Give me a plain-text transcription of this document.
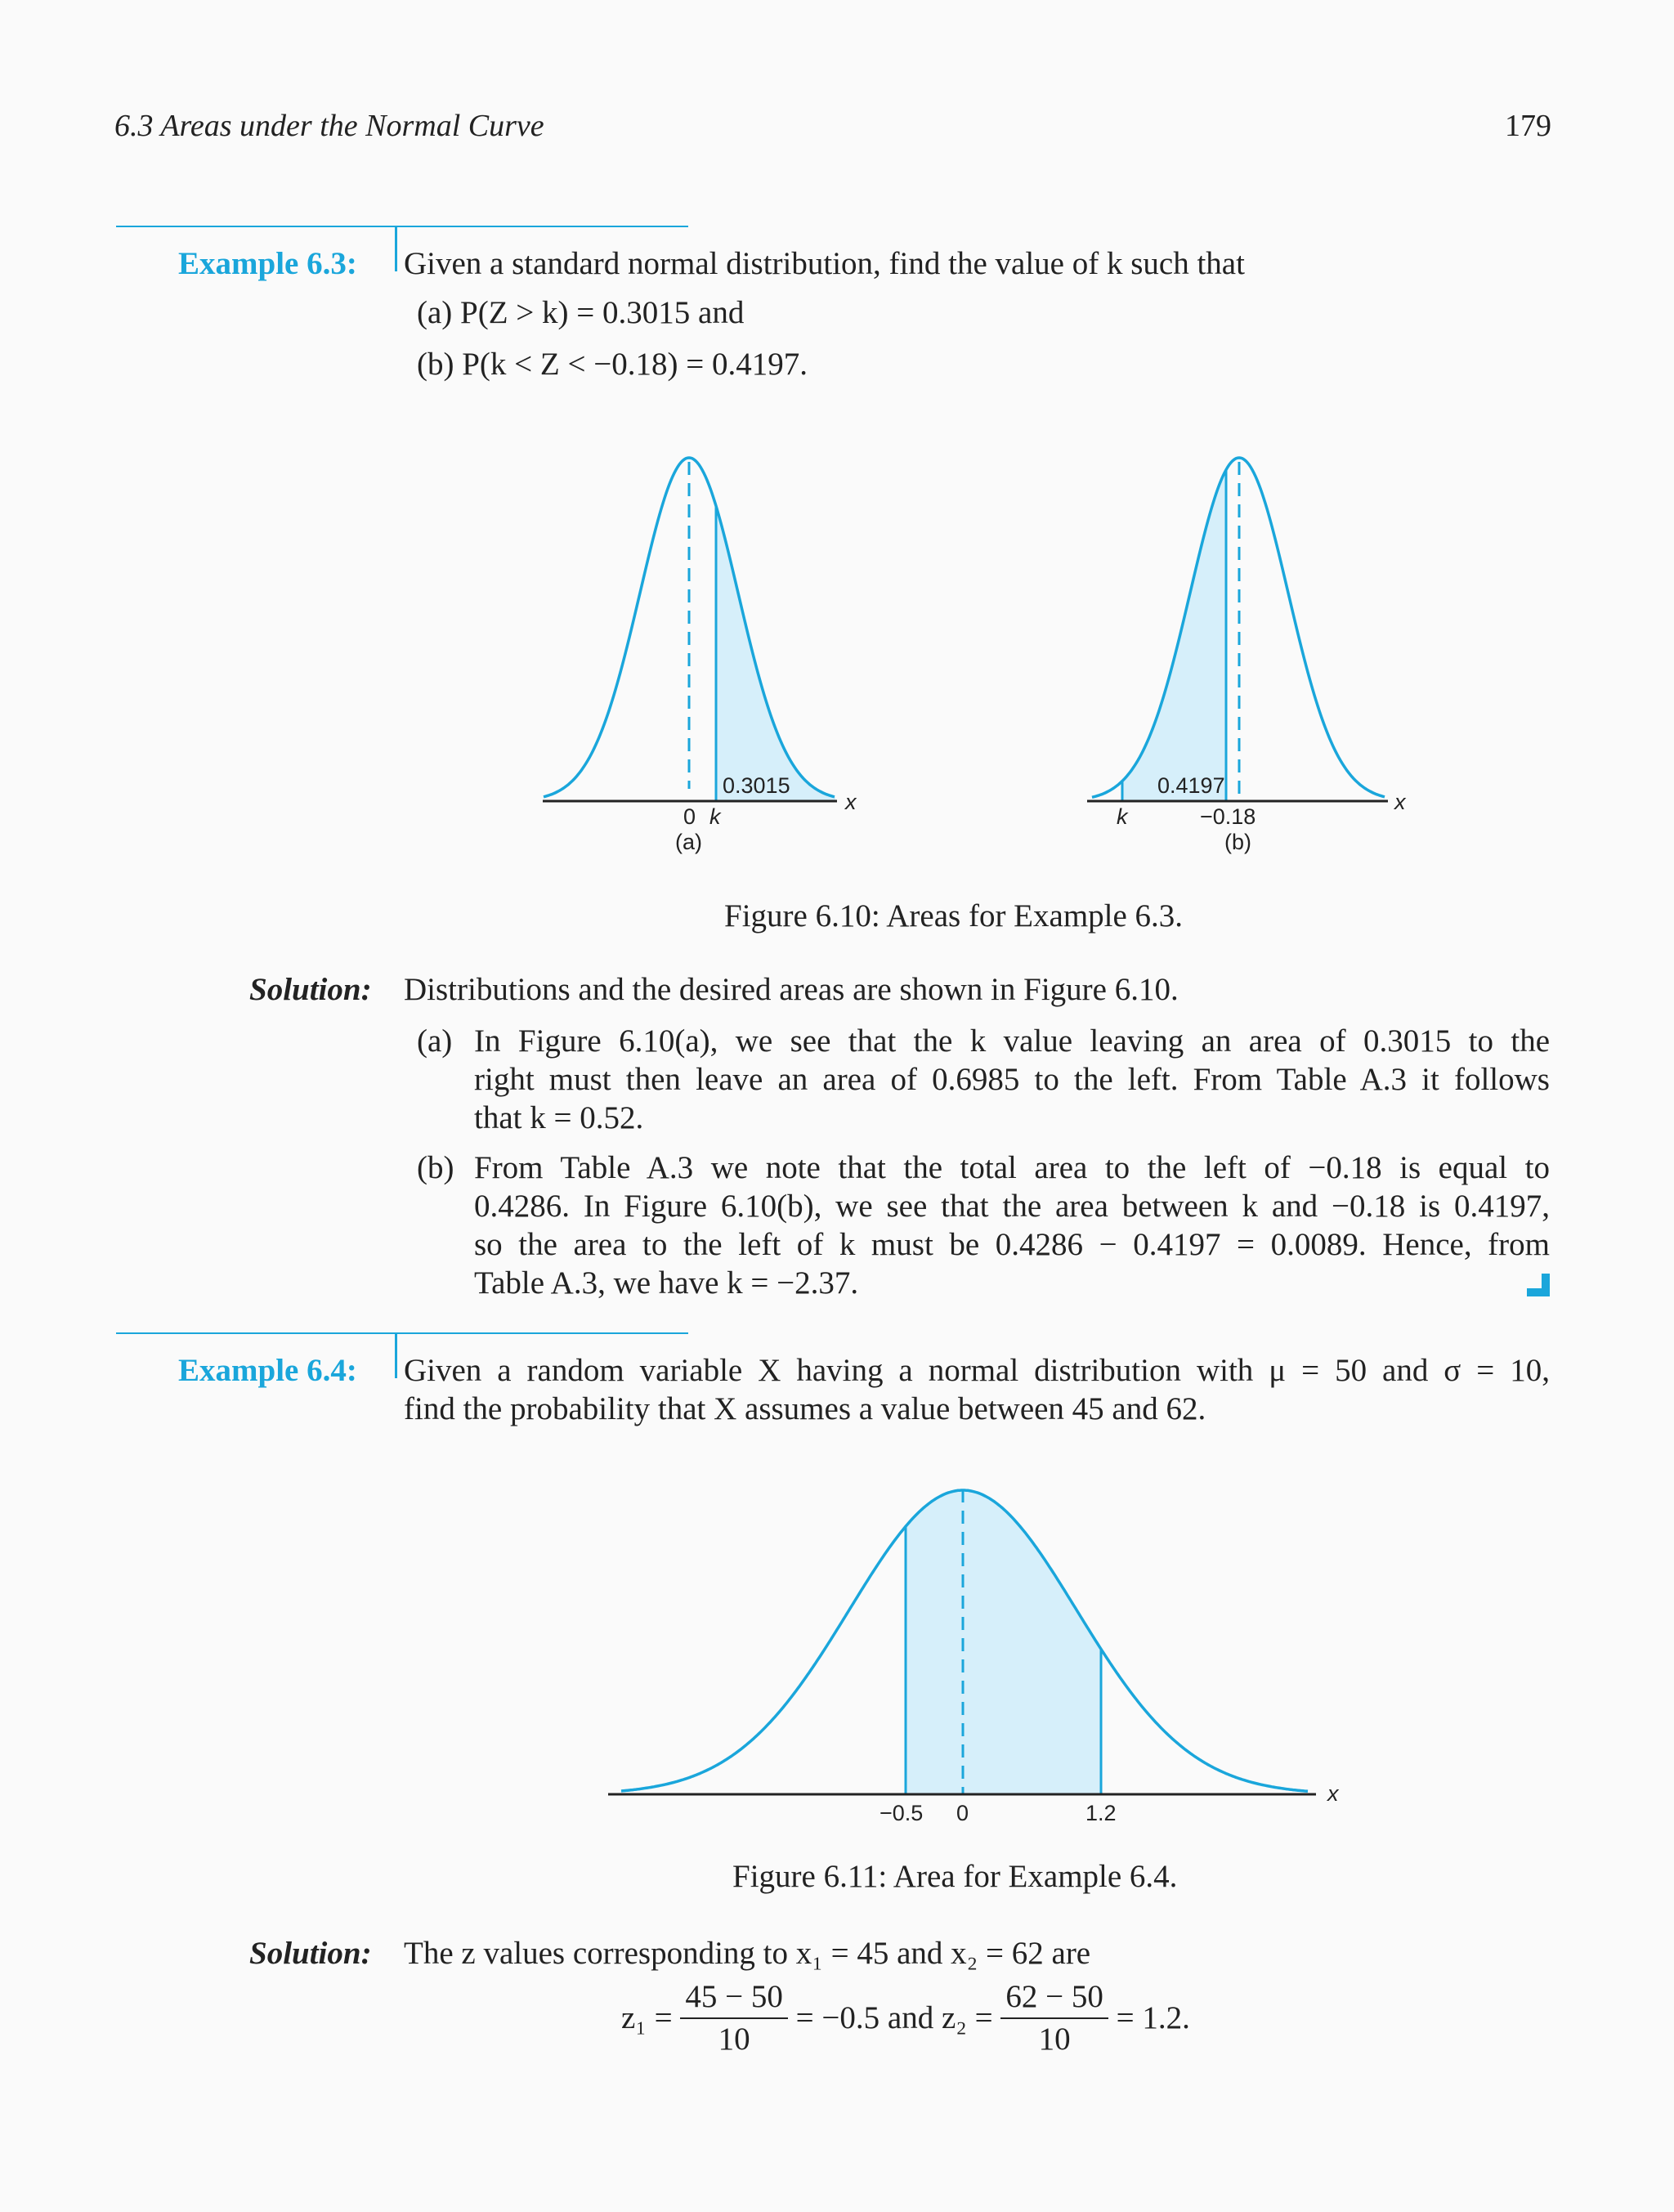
6.3 Areas under the Normal Curve	179
Example 6.3: Given a standard normal distribution, find the value of k such that
(a) P(Z > k) = 0.3015 and
(b) P(k < Z < −0.18) = 0.4197.
0.3015
0 k
x
(a)
0.4197
k	−0.18
x
(b)
Figure 6.10: Areas for Example 6.3.
Solution: Distributions and the desired areas are shown in Figure 6.10.
(a) In Figure 6.10(a), we see that the k value leaving an area of 0.3015 to the
right must then leave an area of 0.6985 to the left. From Table A.3 it follows
that k = 0.52.
(b) From Table A.3 we note that the total area to the left of −0.18 is equal to
0.4286. In Figure 6.10(b), we see that the area between k and −0.18 is 0.4197,
so the area to the left of k must be 0.4286 − 0.4197 = 0.0089. Hence, from
Table A.3, we have k = −2.37.
Example 6.4: Given a random variable X having a normal distribution with μ = 50 and σ = 10,
find the probability that X assumes a value between 45 and 62.
−0.5 0	1.2
x
Figure 6.11: Area for Example 6.4.
Solution: The z values corresponding to x₁ = 45 and x₂ = 62 are
$z_1 = \frac{45 - 50}{10} = -0.5$ and $z_2 = \frac{62 - 50}{10} = 1.2$.
